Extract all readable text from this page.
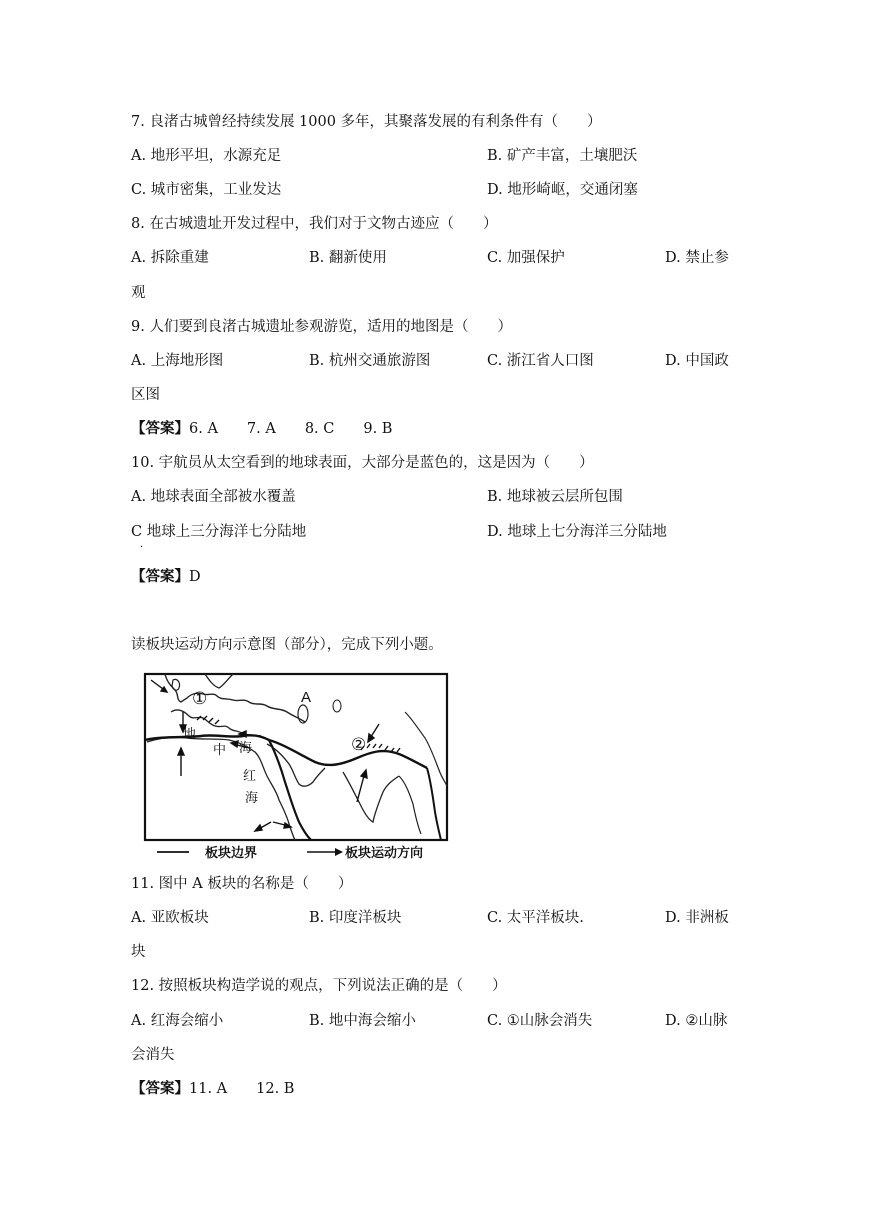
7. 良渚古城曾经持续发展 1000 多年，其聚落发展的有利条件有（　　）
A. 地形平坦，水源充足	B. 矿产丰富，土壤肥沃
C. 城市密集，工业发达	D. 地形崎岖，交通闭塞
8. 在古城遗址开发过程中，我们对于文物古迹应（　　）
A. 拆除重建	B. 翻新使用	C. 加强保护	D. 禁止参
观
9. 人们要到良渚古城遗址参观游览，适用的地图是（　　）
A. 上海地形图	B. 杭州交通旅游图	C. 浙江省人口图	D. 中国政
区图
【答案】6. A　　7. A　　8. C　　9. B
10. 宇航员从太空看到的地球表面，大部分是蓝色的，这是因为（　　）
A. 地球表面全部被水覆盖	B. 地球被云层所包围
C 地球上三分海洋七分陆地	D. 地球上七分海洋三分陆地
·
【答案】D
读板块运动方向示意图（部分），完成下列小题。
A
①
②
地
中 海
红
海
板块边界	板块运动方向
11. 图中 A 板块的名称是（　　）
A. 亚欧板块	B. 印度洋板块	C. 太平洋板块.	D. 非洲板
块
12. 按照板块构造学说的观点，下列说法正确的是（　　）
A. 红海会缩小	B. 地中海会缩小	C. ①山脉会消失	D. ②山脉
会消失
【答案】11. A　　12. B
